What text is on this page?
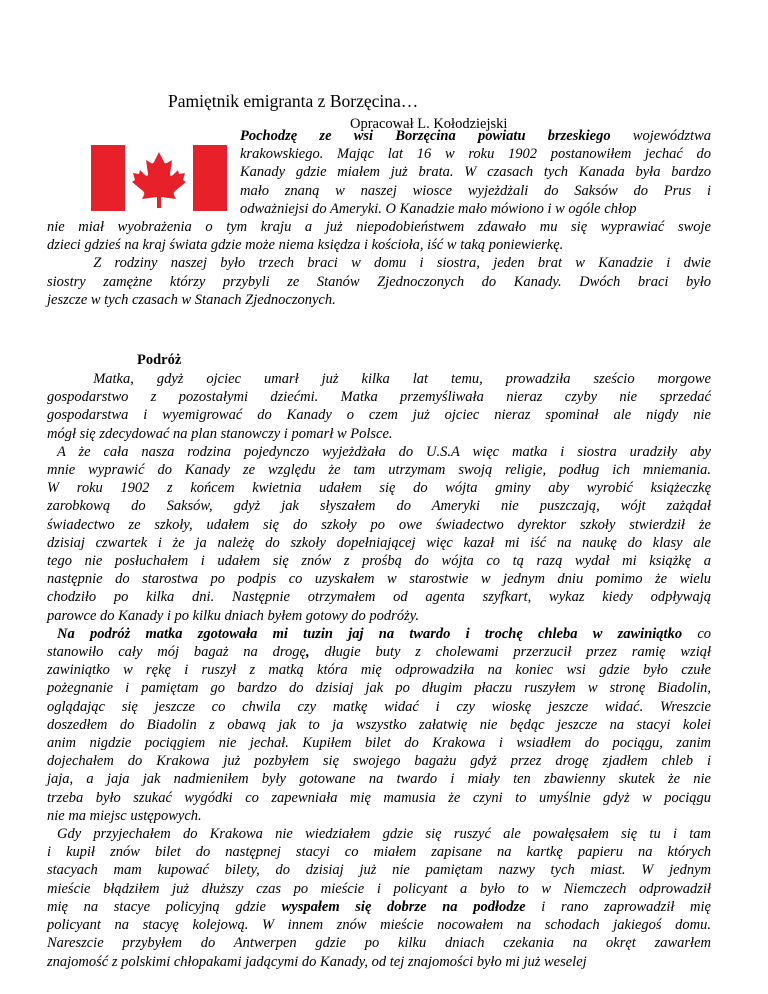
Pamiętnik emigranta z Borzęcina…
Opracował L. Kołodziejski
Pochodzę ze wsi Borzęcina powiatu brzeskiego województwa
krakowskiego. Mając lat 16 w roku 1902 postanowiłem jechać do
Kanady gdzie miałem już brata. W czasach tych Kanada była bardzo
mało znaną w naszej wiosce wyjeżdżali do Saksów do Prus i
odważniejsi do Ameryki. O Kanadzie mało mówiono i w ogóle chłop
nie miał wyobrażenia o tym kraju a już niepodobieństwem zdawało mu się wyprawiać swoje
dzieci gdzieś na kraj świata gdzie może niema księdza i kościoła, iść w taką poniewierkę.
Z rodziny naszej było trzech braci w domu i siostra, jeden brat w Kanadzie i dwie
siostry zamężne którzy przybyli ze Stanów Zjednoczonych do Kanady. Dwóch braci było
jeszcze w tych czasach w Stanach Zjednoczonych.
Podróż
Matka, gdyż ojciec umarł już kilka lat temu, prowadziła sześcio morgowe
gospodarstwo z pozostałymi dziećmi. Matka przemyśliwała nieraz czyby nie sprzedać
gospodarstwa i wyemigrować do Kanady o czem już ojciec nieraz spominał ale nigdy nie
mógł się zdecydować na plan stanowczy i pomarł w Polsce.
A że cała nasza rodzina pojedynczo wyjeżdżała do U.S.A więc matka i siostra uradziły aby
mnie wyprawić do Kanady ze względu że tam utrzymam swoją religie, podług ich mniemania.
W roku 1902 z końcem kwietnia udałem się do wójta gminy aby wyrobić książeczkę
zarobkową do Saksów, gdyż jak słyszałem do Ameryki nie puszczają, wójt zażądał
świadectwo ze szkoły, udałem się do szkoły po owe świadectwo dyrektor szkoły stwierdził że
dzisiaj czwartek i że ja należę do szkoły dopełniającej więc kazał mi iść na naukę do klasy ale
tego nie posłuchałem i udałem się znów z prośbą do wójta co tą razą wydał mi książkę a
następnie do starostwa po podpis co uzyskałem w starostwie w jednym dniu pomimo że wielu
chodziło po kilka dni. Następnie otrzymałem od agenta szyfkart, wykaz kiedy odpływają
parowce do Kanady i po kilku dniach byłem gotowy do podróży.
Na podróż matka zgotowała mi tuzin jaj na twardo i trochę chleba w zawiniątko co
stanowiło cały mój bagaż na drogę, długie buty z cholewami przerzucił przez ramię wziął
zawiniątko w rękę i ruszył z matką która mię odprowadziła na koniec wsi gdzie było czułe
pożegnanie i pamiętam go bardzo do dzisiaj jak po długim płaczu ruszyłem w stronę Biadolin,
oglądając się jeszcze co chwila czy matkę widać i czy wioskę jeszcze widać. Wreszcie
doszedłem do Biadolin z obawą jak to ja wszystko załatwię nie będąc jeszcze na stacyi kolei
anim nigdzie pociągiem nie jechał. Kupiłem bilet do Krakowa i wsiadłem do pociągu, zanim
dojechałem do Krakowa już pozbyłem się swojego bagażu gdyż przez drogę zjadłem chleb i
jaja, a jaja jak nadmieniłem były gotowane na twardo i miały ten zbawienny skutek że nie
trzeba było szukać wygódki co zapewniała mię mamusia że czyni to umyślnie gdyż w pociągu
nie ma miejsc ustępowych.
Gdy przyjechałem do Krakowa nie wiedziałem gdzie się ruszyć ale powałęsałem się tu i tam
i kupił znów bilet do następnej stacyi co miałem zapisane na kartkę papieru na których
stacyach mam kupować bilety, do dzisiaj już nie pamiętam nazwy tych miast. W jednym
mieście błądziłem już dłuższy czas po mieście i policyant a było to w Niemczech odprowadził
mię na stacye policyjną gdzie wyspałem się dobrze na podłodze i rano zaprowadził mię
policyant na stacyę kolejową. W innem znów mieście nocowałem na schodach jakiegoś domu.
Nareszcie przybyłem do Antwerpen gdzie po kilku dniach czekania na okręt zawarłem
znajomość z polskimi chłopakami jadącymi do Kanady, od tej znajomości było mi już weselej
